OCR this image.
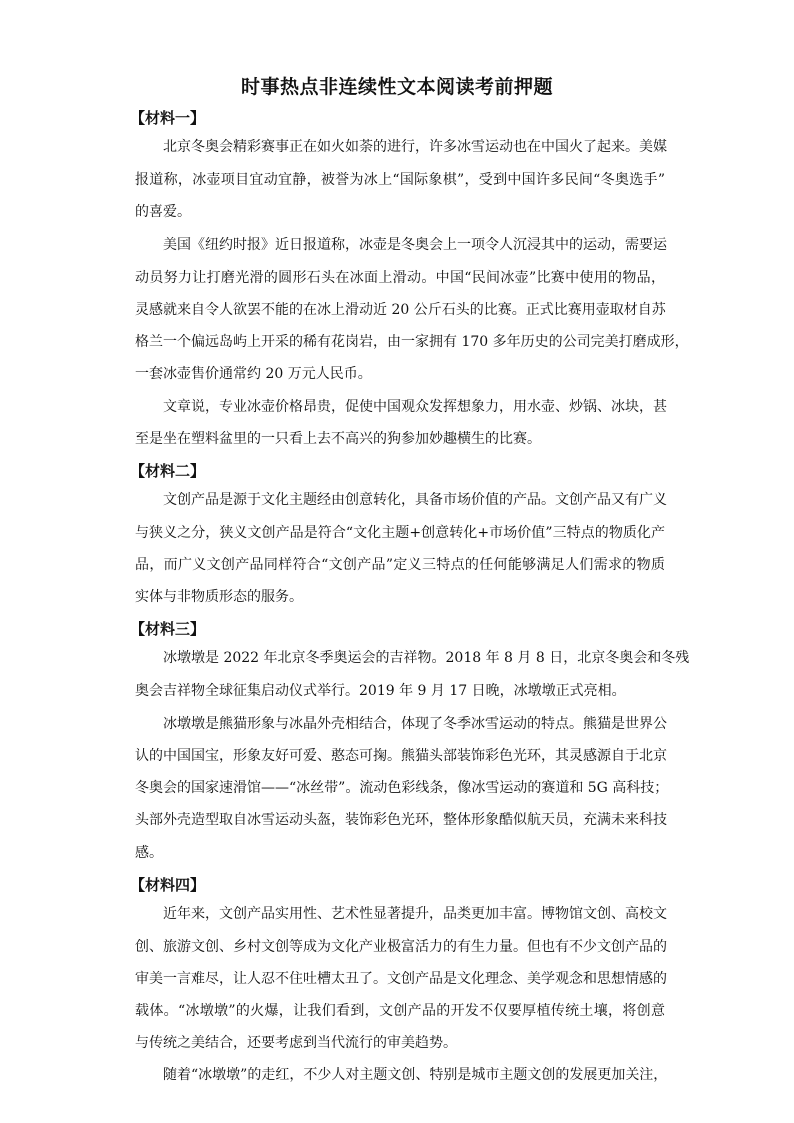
时事热点非连续性文本阅读考前押题
【材料一】
北京冬奥会精彩赛事正在如火如荼的进行，许多冰雪运动也在中国火了起来。美媒
报道称，冰壶项目宜动宜静，被誉为冰上“国际象棋”，受到中国许多民间“冬奥选手”
的喜爱。
美国《纽约时报》近日报道称，冰壶是冬奥会上一项令人沉浸其中的运动，需要运
动员努力让打磨光滑的圆形石头在冰面上滑动。中国“民间冰壶”比赛中使用的物品，
灵感就来自令人欲罢不能的在冰上滑动近 20 公斤石头的比赛。正式比赛用壶取材自苏
格兰一个偏远岛屿上开采的稀有花岗岩，由一家拥有 170 多年历史的公司完美打磨成形，
一套冰壶售价通常约 20 万元人民币。
文章说，专业冰壶价格昂贵，促使中国观众发挥想象力，用水壶、炒锅、冰块，甚
至是坐在塑料盆里的一只看上去不高兴的狗参加妙趣横生的比赛。
【材料二】
文创产品是源于文化主题经由创意转化，具备市场价值的产品。文创产品又有广义
与狭义之分，狭义文创产品是符合“文化主题+创意转化+市场价值”三特点的物质化产
品，而广义文创产品同样符合“文创产品”定义三特点的任何能够满足人们需求的物质
实体与非物质形态的服务。
【材料三】
冰墩墩是 2022 年北京冬季奥运会的吉祥物。2018 年 8 月 8 日，北京冬奥会和冬残
奥会吉祥物全球征集启动仪式举行。2019 年 9 月 17 日晚，冰墩墩正式亮相。
冰墩墩是熊猫形象与冰晶外壳相结合，体现了冬季冰雪运动的特点。熊猫是世界公
认的中国国宝，形象友好可爱、憨态可掬。熊猫头部装饰彩色光环，其灵感源自于北京
冬奥会的国家速滑馆——“冰丝带”。流动色彩线条，像冰雪运动的赛道和 5G 高科技；
头部外壳造型取自冰雪运动头盔，装饰彩色光环，整体形象酷似航天员，充满未来科技
感。
【材料四】
近年来，文创产品实用性、艺术性显著提升，品类更加丰富。博物馆文创、高校文
创、旅游文创、乡村文创等成为文化产业极富活力的有生力量。但也有不少文创产品的
审美一言难尽，让人忍不住吐槽太丑了。文创产品是文化理念、美学观念和思想情感的
载体。“冰墩墩”的火爆，让我们看到，文创产品的开发不仅要厚植传统土壤，将创意
与传统之美结合，还要考虑到当代流行的审美趋势。
随着“冰墩墩”的走红，不少人对主题文创、特别是城市主题文创的发展更加关注，
